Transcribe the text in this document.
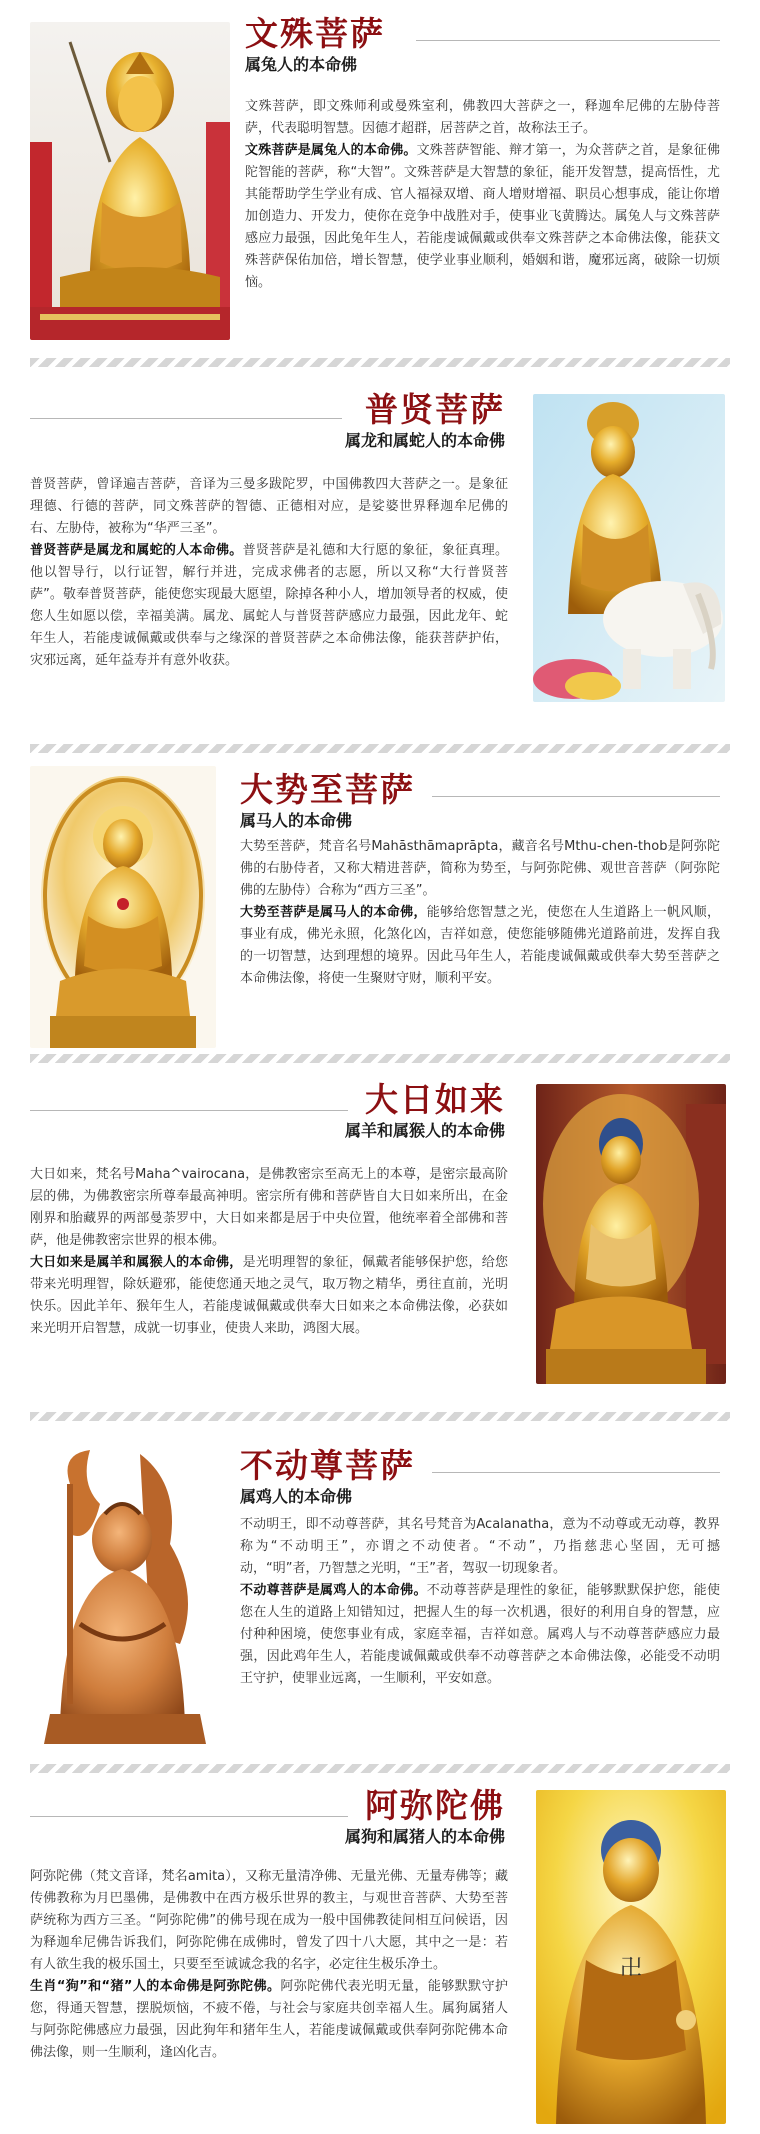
文殊菩萨
属兔人的本命佛

文殊菩萨，即文殊师利或曼殊室利，佛教四大菩萨之一，释迦牟尼佛的左胁侍菩萨，代表聪明智慧。因德才超群，居菩萨之首，故称法王子。

文殊菩萨是属兔人的本命佛。文殊菩萨智能、辩才第一，为众菩萨之首，是象征佛陀智能的菩萨，称“大智”。文殊菩萨是大智慧的象征，能开发智慧，提高悟性，尤其能帮助学生学业有成、官人福禄双增、商人增财增福、职员心想事成，能让你增加创造力、开发力，使你在竞争中战胜对手，使事业飞黄腾达。属兔人与文殊菩萨感应力最强，因此兔年生人，若能虔诚佩戴或供奉文殊菩萨之本命佛法像，能获文殊菩萨保佑加倍，增长智慧，使学业事业顺利，婚姻和谐，魔邪远离，破除一切烦恼。

普贤菩萨
属龙和属蛇人的本命佛

普贤菩萨，曾译遍吉菩萨，音译为三曼多跋陀罗，中国佛教四大菩萨之一。是象征理德、行德的菩萨，同文殊菩萨的智德、正德相对应，是娑婆世界释迦牟尼佛的右、左胁侍，被称为“华严三圣”。

普贤菩萨是属龙和属蛇的人本命佛。普贤菩萨是礼德和大行愿的象征，象征真理。他以智导行，以行证智，解行并进，完成求佛者的志愿，所以又称“大行普贤菩萨”。敬奉普贤菩萨，能使您实现最大愿望，除掉各种小人，增加领导者的权威，使您人生如愿以偿，幸福美满。属龙、属蛇人与普贤菩萨感应力最强，因此龙年、蛇年生人，若能虔诚佩戴或供奉与之缘深的普贤菩萨之本命佛法像，能获菩萨护佑，灾邪远离，延年益寿并有意外收获。

大势至菩萨
属马人的本命佛

大势至菩萨，梵音名号Mahāsthāmaprāpta，藏音名号Mthu-chen-thob是阿弥陀佛的右胁侍者，又称大精进菩萨，简称为势至，与阿弥陀佛、观世音菩萨（阿弥陀佛的左胁侍）合称为“西方三圣”。

大势至菩萨是属马人的本命佛，能够给您智慧之光，使您在人生道路上一帆风顺，事业有成，佛光永照，化煞化凶，吉祥如意，使您能够随佛光道路前进，发挥自我的一切智慧，达到理想的境界。因此马年生人，若能虔诚佩戴或供奉大势至菩萨之本命佛法像，将使一生聚财守财，顺利平安。

大日如来
属羊和属猴人的本命佛

大日如来，梵名号Maha^vairocana，是佛教密宗至高无上的本尊，是密宗最高阶层的佛，为佛教密宗所尊奉最高神明。密宗所有佛和菩萨皆自大日如来所出，在金刚界和胎藏界的两部曼荼罗中，大日如来都是居于中央位置，他统率着全部佛和菩萨，他是佛教密宗世界的根本佛。

大日如来是属羊和属猴人的本命佛，是光明理智的象征，佩戴者能够保护您，给您带来光明理智，除妖避邪，能使您通天地之灵气，取万物之精华，勇往直前，光明快乐。因此羊年、猴年生人，若能虔诚佩戴或供奉大日如来之本命佛法像，必获如来光明开启智慧，成就一切事业，使贵人来助，鸿图大展。

不动尊菩萨
属鸡人的本命佛

不动明王，即不动尊菩萨，其名号梵音为Acalanatha，意为不动尊或无动尊，教界称为“不动明王”，亦谓之不动使者。“不动”，乃指慈悲心坚固，无可撼动，“明”者，乃智慧之光明，“王”者，驾驭一切现象者。

不动尊菩萨是属鸡人的本命佛。不动尊菩萨是理性的象征，能够默默保护您，能使您在人生的道路上知错知过，把握人生的每一次机遇，很好的利用自身的智慧，应付种种困境，使您事业有成，家庭幸福，吉祥如意。属鸡人与不动尊菩萨感应力最强，因此鸡年生人，若能虔诚佩戴或供奉不动尊菩萨之本命佛法像，必能受不动明王守护，使罪业远离，一生顺利，平安如意。

阿弥陀佛
属狗和属猪人的本命佛

阿弥陀佛（梵文音译，梵名amita），又称无量清净佛、无量光佛、无量寿佛等；藏传佛教称为月巴墨佛，是佛教中在西方极乐世界的教主，与观世音菩萨、大势至菩萨统称为西方三圣。“阿弥陀佛”的佛号现在成为一般中国佛教徒间相互问候语，因为释迦牟尼佛告诉我们，阿弥陀佛在成佛时，曾发了四十八大愿，其中之一是：若有人欲生我的极乐国土，只要至至诚诚念我的名字，必定往生极乐净土。

生肖“狗”和“猪”人的本命佛是阿弥陀佛。阿弥陀佛代表光明无量，能够默默守护您，得通天智慧，摆脱烦恼，不疲不倦，与社会与家庭共创幸福人生。属狗属猪人与阿弥陀佛感应力最强，因此狗年和猪年生人，若能虔诚佩戴或供奉阿弥陀佛本命佛法像，则一生顺利，逢凶化吉。

卍
